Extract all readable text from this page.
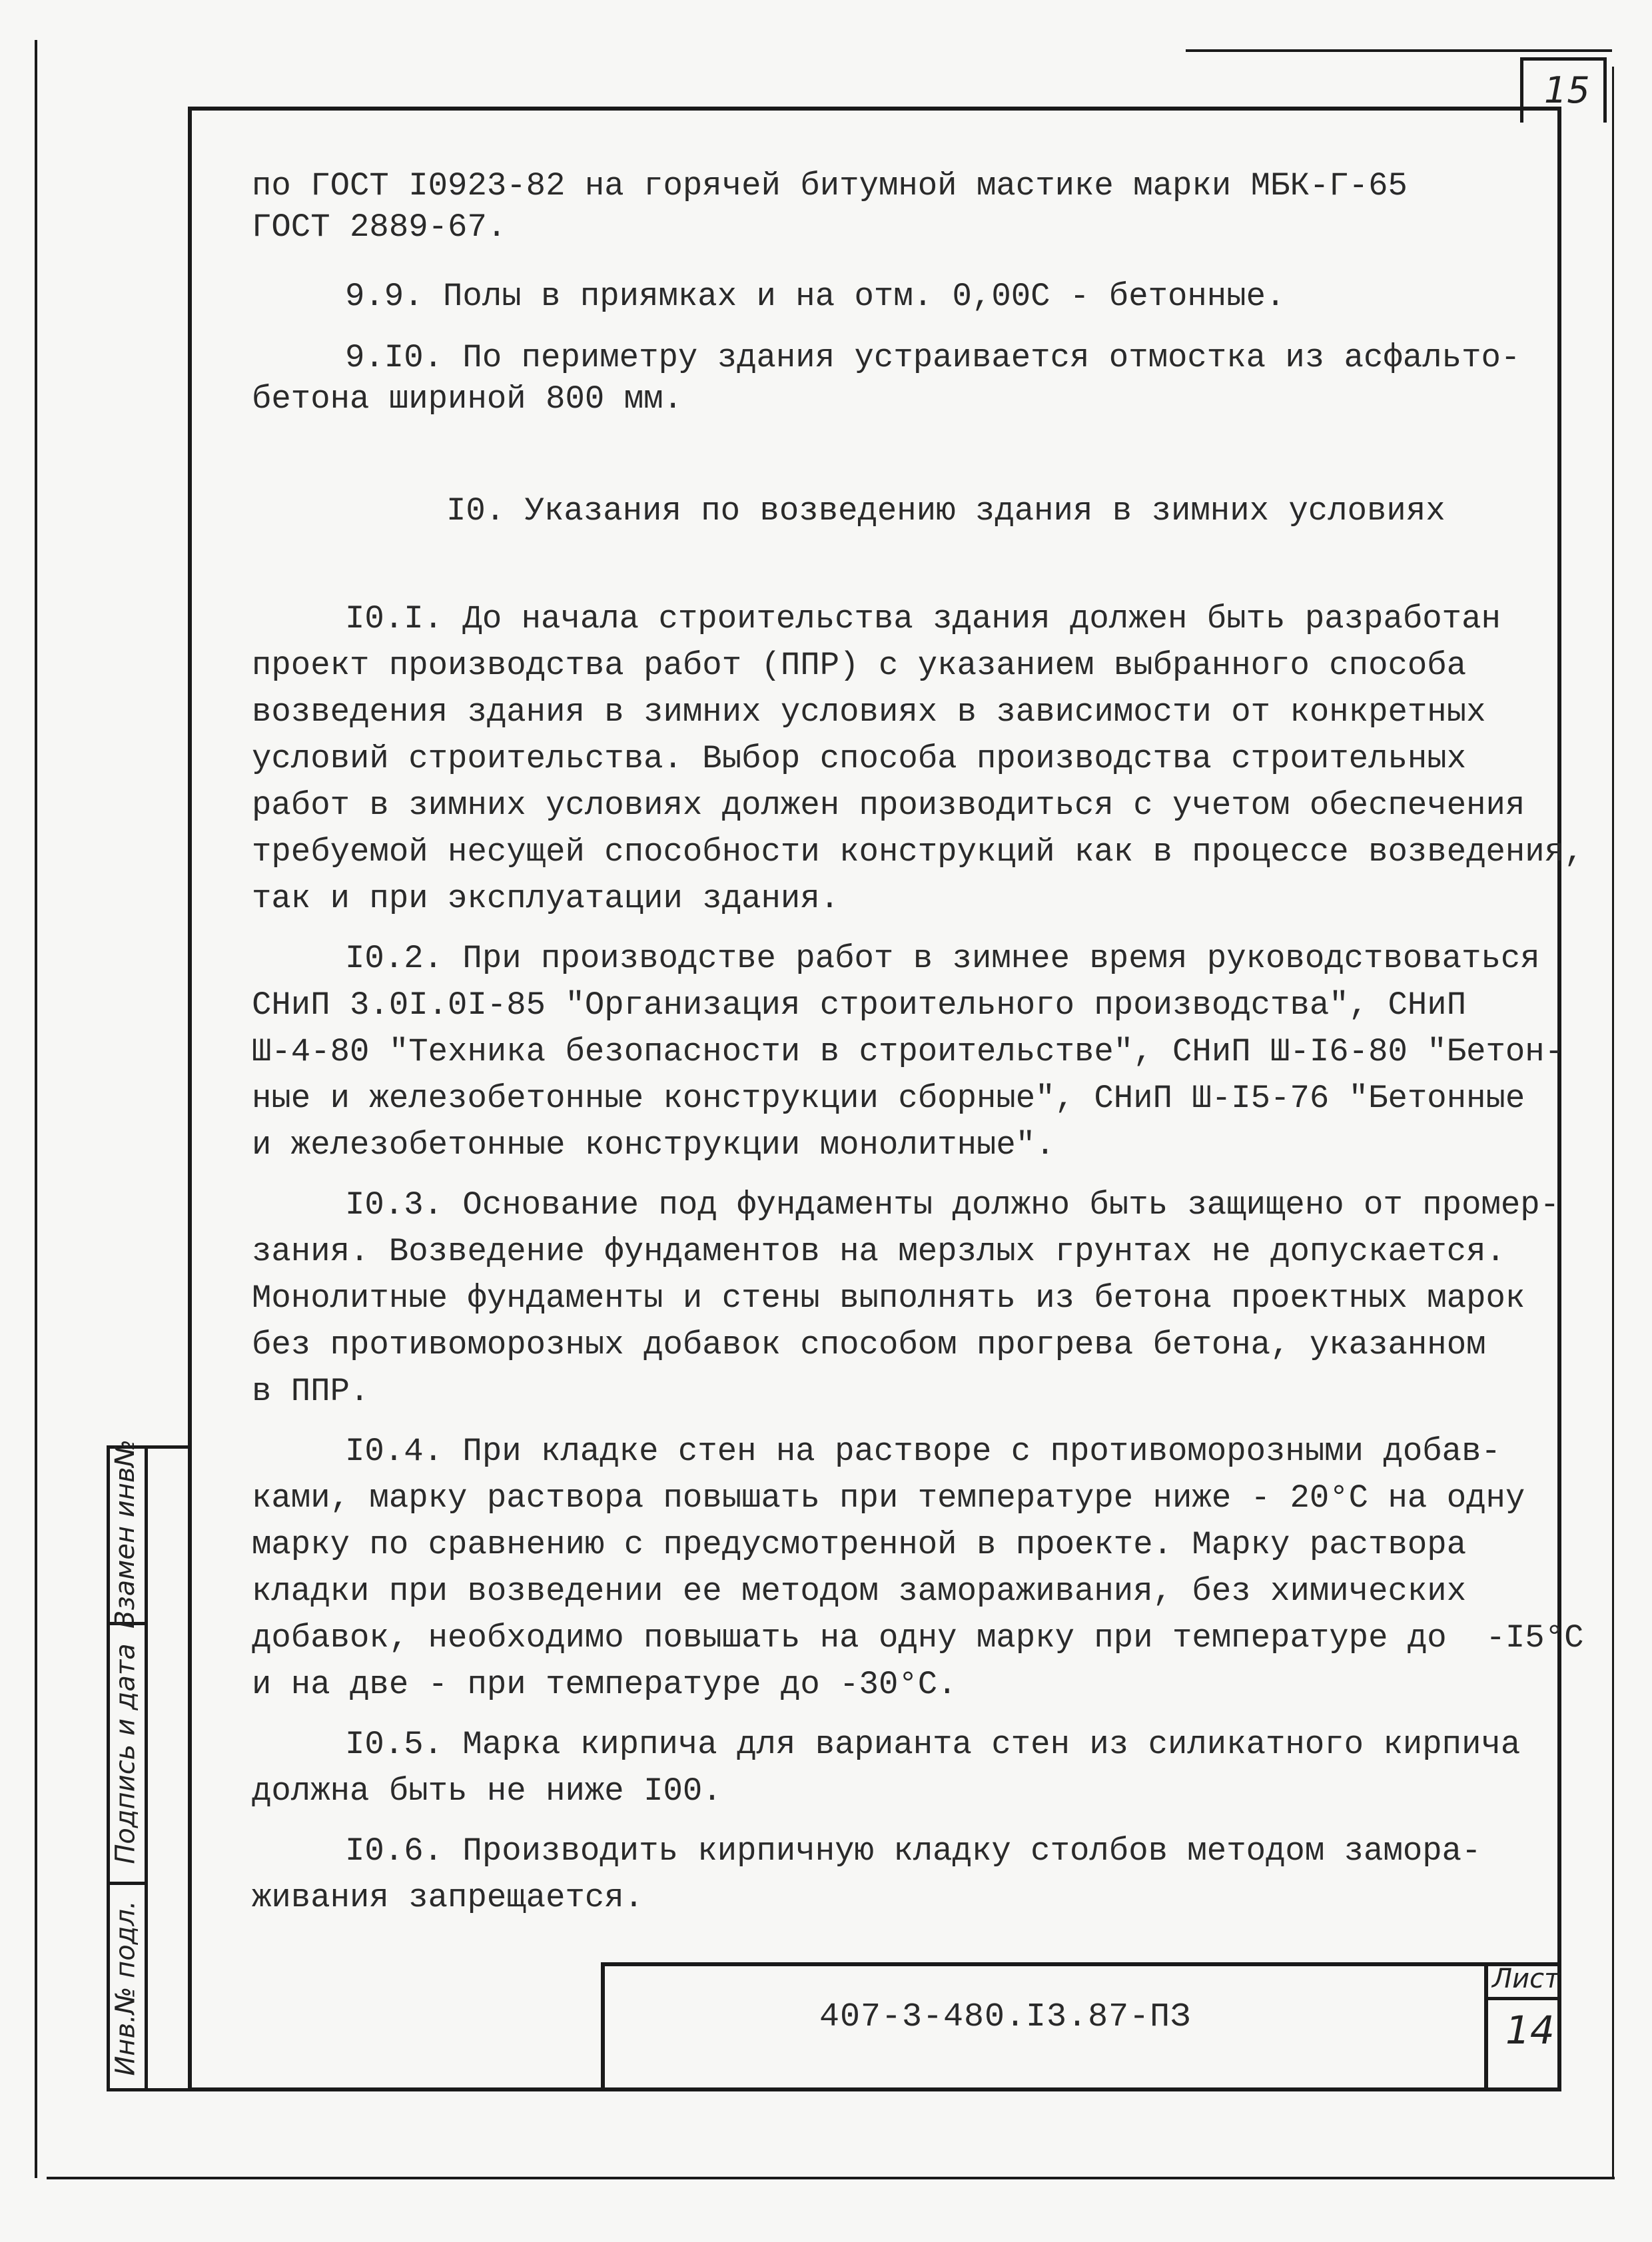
15
по ГОСТ I0923-82 на горячей битумной мастике марки МБК-Г-65
ГОСТ 2889-67.
9.9. Полы в приямках и на отм. 0,00С - бетонные.
9.I0. По периметру здания устраивается отмостка из асфальто-
бетона шириной 800 мм.
I0. Указания по возведению здания в зимних условиях
I0.I. До начала строительства здания должен быть разработан
проект производства работ (ППР) с указанием выбранного способа
возведения здания в зимних условиях в зависимости от конкретных
условий строительства. Выбор способа производства строительных
работ в зимних условиях должен производиться с учетом обеспечения
требуемой несущей способности конструкций как в процессе возведения,
так и при эксплуатации здания.
I0.2. При производстве работ в зимнее время руководствоваться
СНиП 3.0I.0I-85 "Организация строительного производства", СНиП
Ш-4-80 "Техника безопасности в строительстве", СНиП Ш-I6-80 "Бетон-
ные и железобетонные конструкции сборные", СНиП Ш-I5-76 "Бетонные
и железобетонные конструкции монолитные".
I0.3. Основание под фундаменты должно быть защищено от промер-
зания. Возведение фундаментов на мерзлых грунтах не допускается.
Монолитные фундаменты и стены выполнять из бетона проектных марок
без противоморозных добавок способом прогрева бетона, указанном
в ППР.
I0.4. При кладке стен на растворе с противоморозными добав-
ками, марку раствора повышать при температуре ниже - 20°С на одну
марку по сравнению с предусмотренной в проекте. Марку раствора
кладки при возведении ее методом замораживания, без химических
добавок, необходимо повышать на одну марку при температуре до  -I5°С
и на две - при температуре до -30°С.
I0.5. Марка кирпича для варианта стен из силикатного кирпича
должна быть не ниже I00.
I0.6. Производить кирпичную кладку столбов методом замора-
живания запрещается.
Взамен инв№
Подпись и дата
Инв.№ подл.	407-3-480.I3.87-ПЗ
Лист
14
